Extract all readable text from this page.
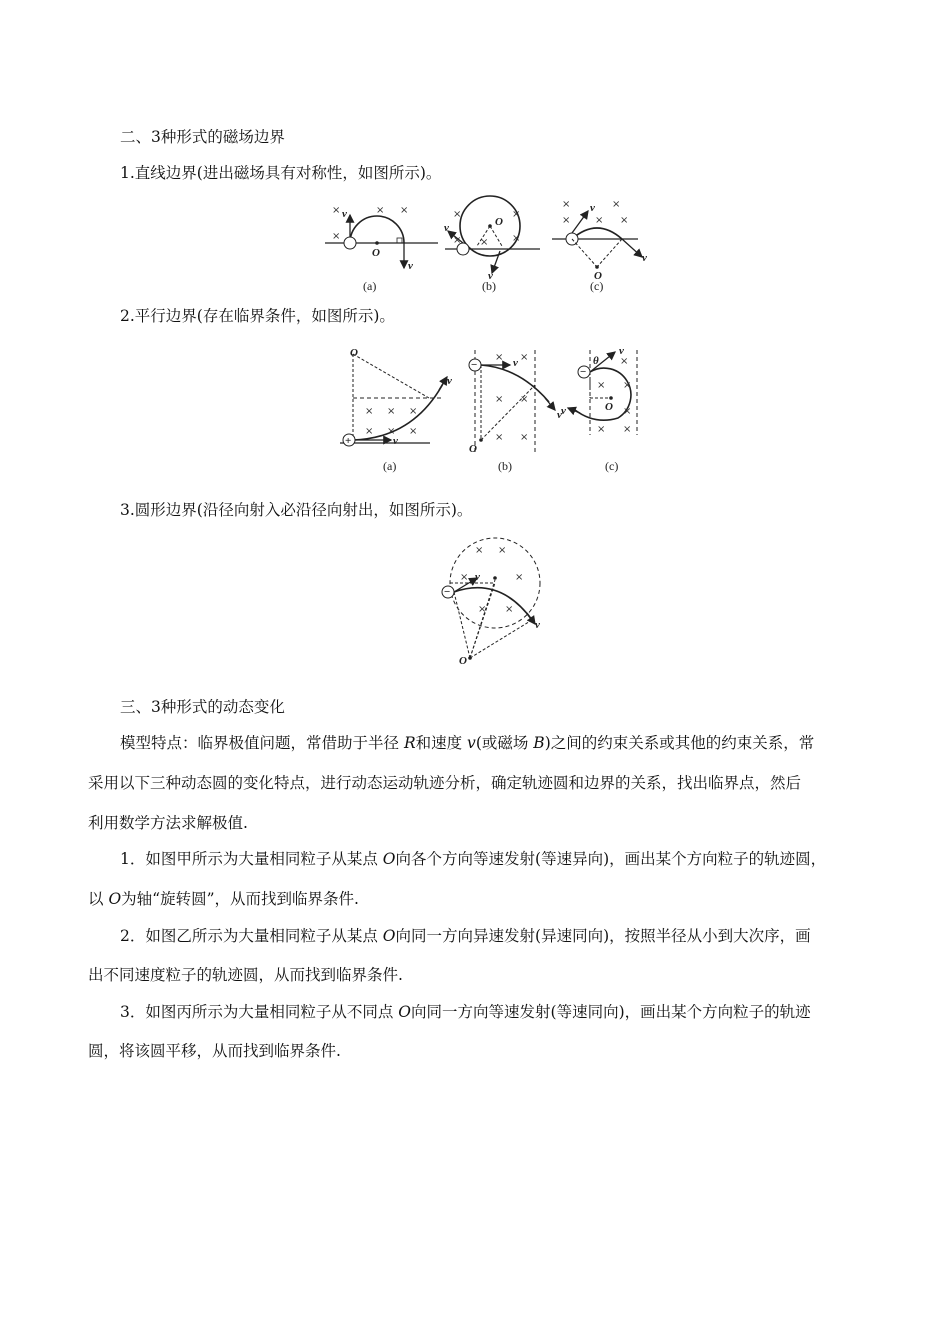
二、3种形式的磁场边界
1.直线边界(进出磁场具有对称性，如图所示)。
O
v
v
×
×
× ×
(a)
O
v
v
×
× ×
×
×
(b)
O
v
v
×	×
× × ×
(c)
2.平行边界(存在临界条件，如图所示)。
+
O
v
v
× × ×
× × ×
(a)
−
O
v
v
× ×
× ×
× ×
(b)
−
θ
O
v
v
×
× ×
×
× ×
(c)
3.圆形边界(沿径向射入必沿径向射出，如图所示)。
−
O
v
v
× ×
×	×
× ×
三、3种形式的动态变化
模型特点：临界极值问题，常借助于半径 R和速度 v(或磁场 B)之间的约束关系或其他的约束关系，常
采用以下三种动态圆的变化特点，进行动态运动轨迹分析，确定轨迹圆和边界的关系，找出临界点，然后
利用数学方法求解极值.
1．如图甲所示为大量相同粒子从某点 O向各个方向等速发射(等速异向)，画出某个方向粒子的轨迹圆，
以 O为轴“旋转圆”，从而找到临界条件.
2．如图乙所示为大量相同粒子从某点 O向同一方向异速发射(异速同向)，按照半径从小到大次序，画
出不同速度粒子的轨迹圆，从而找到临界条件.
3．如图丙所示为大量相同粒子从不同点 O向同一方向等速发射(等速同向)，画出某个方向粒子的轨迹
圆，将该圆平移，从而找到临界条件.
